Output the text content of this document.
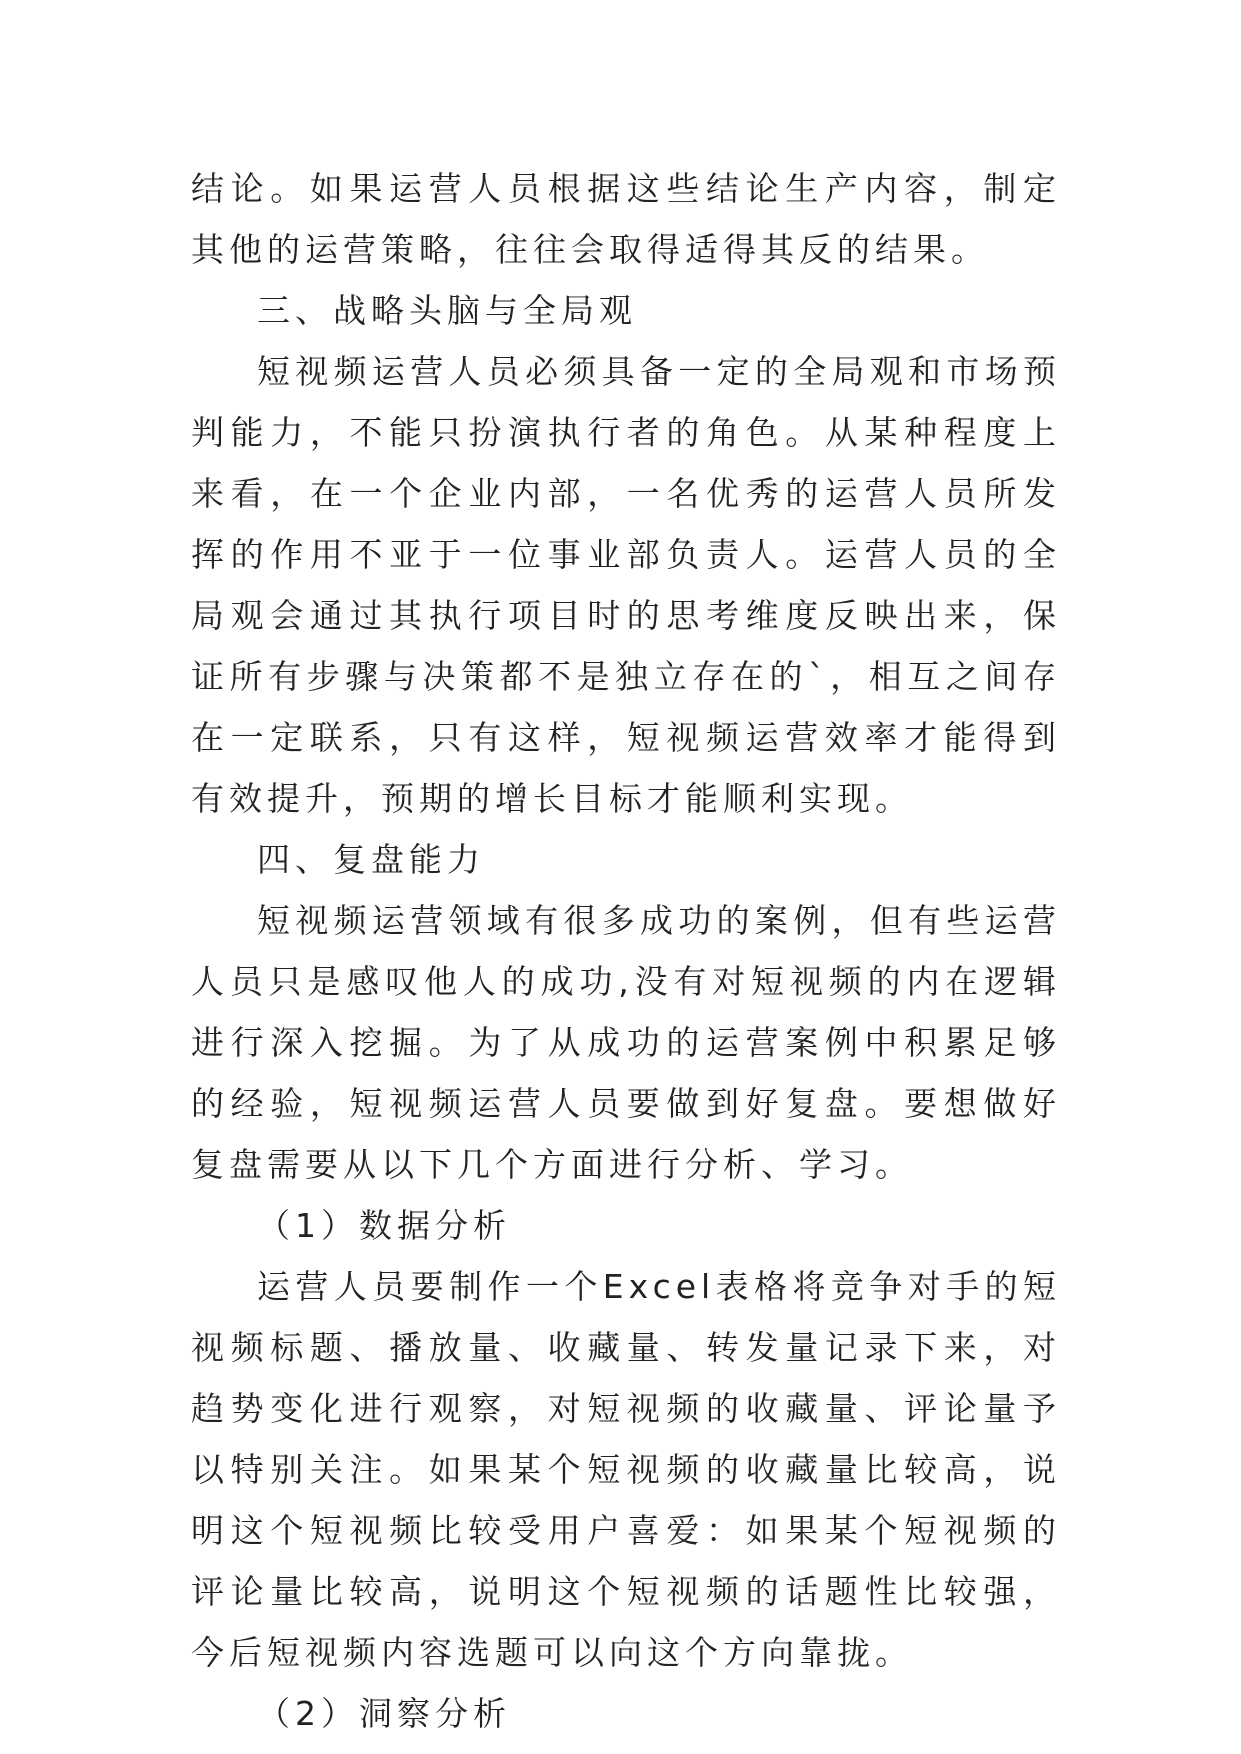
结论。如果运营人员根据这些结论生产内容，制定其他的运营策略，往往会取得适得其反的结果。

三、战略头脑与全局观

短视频运营人员必须具备一定的全局观和市场预判能力，不能只扮演执行者的角色。从某种程度上来看，在一个企业内部，一名优秀的运营人员所发挥的作用不亚于一位事业部负责人。运营人员的全局观会通过其执行项目时的思考维度反映出来，保证所有步骤与决策都不是独立存在的`，相互之间存在一定联系，只有这样，短视频运营效率才能得到有效提升，预期的增长目标才能顺利实现。

四、复盘能力

短视频运营领域有很多成功的案例，但有些运营人员只是感叹他人的成功,没有对短视频的内在逻辑进行深入挖掘。为了从成功的运营案例中积累足够的经验，短视频运营人员要做到好复盘。要想做好复盘需要从以下几个方面进行分析、学习。

（1）数据分析

运营人员要制作一个Excel表格将竞争对手的短视频标题、播放量、收藏量、转发量记录下来，对趋势变化进行观察，对短视频的收藏量、评论量予以特别关注。如果某个短视频的收藏量比较高，说明这个短视频比较受用户喜爱：如果某个短视频的评论量比较高，说明这个短视频的话题性比较强，今后短视频内容选题可以向这个方向靠拢。

（2）洞察分析
